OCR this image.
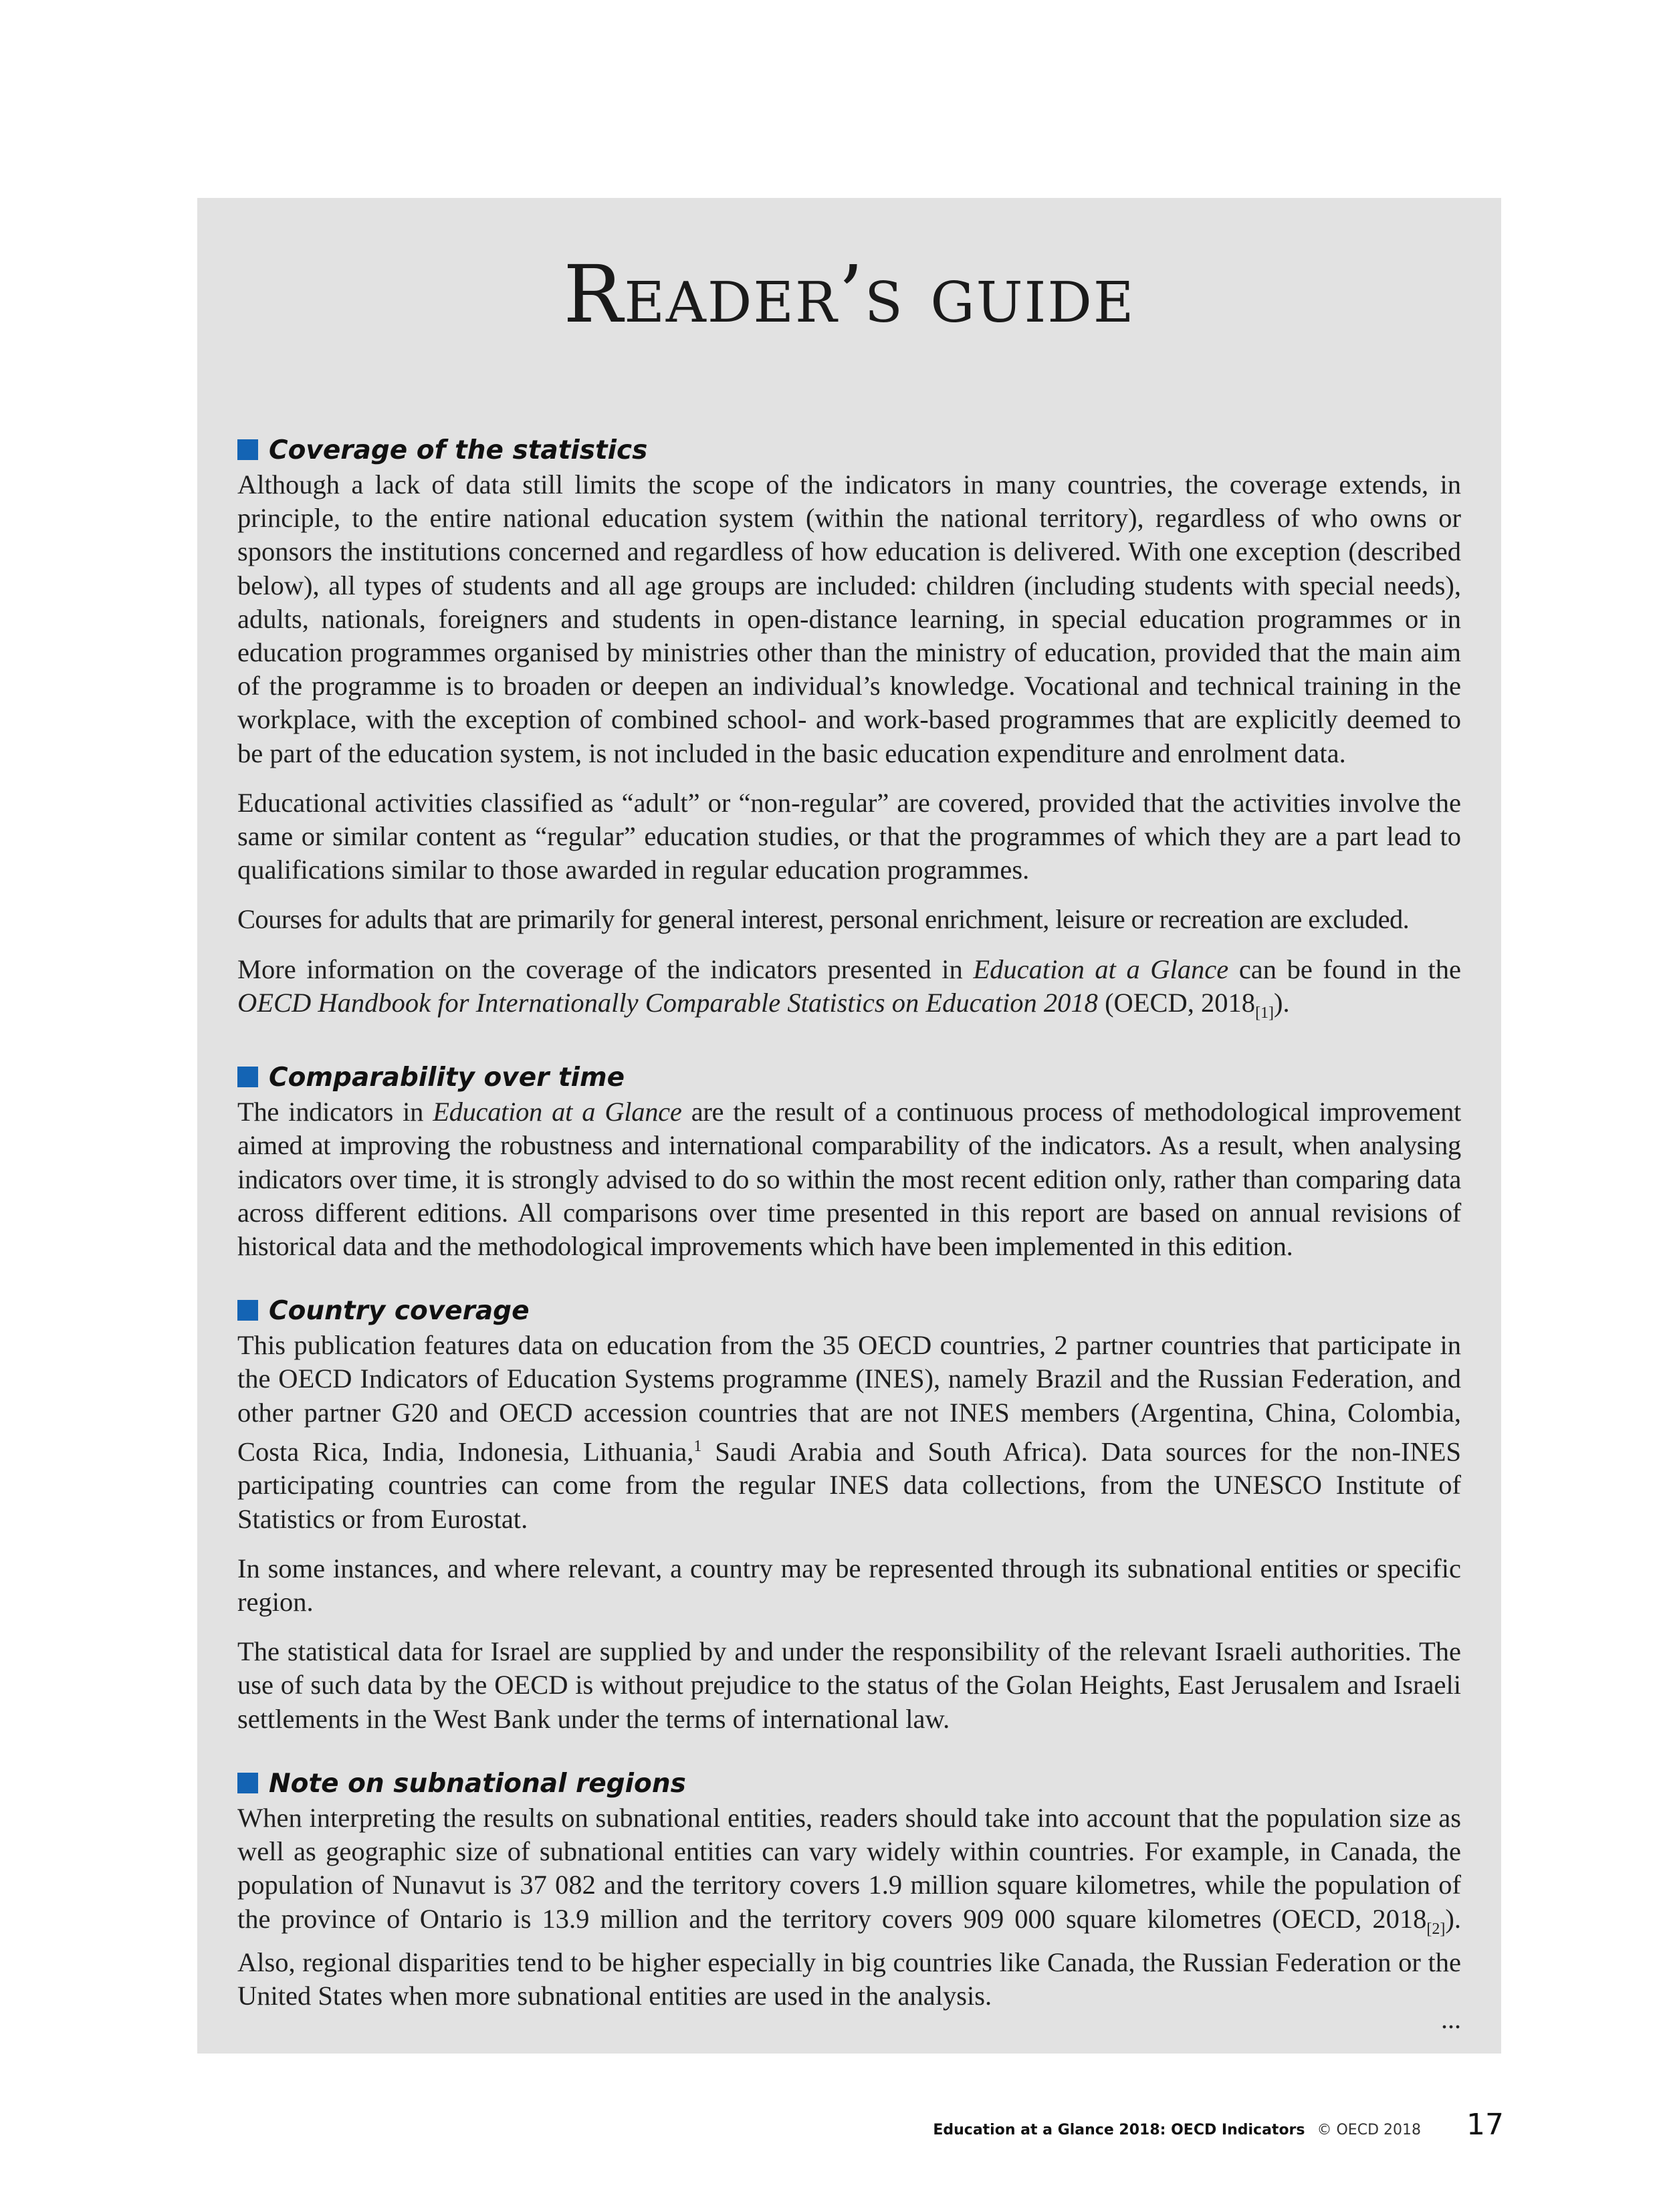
Reader’s guide
Coverage of the statistics

Although a lack of data still limits the scope of the indicators in many countries, the coverage extends, in principle, to the entire national education system (within the national territory), regardless of who owns or sponsors the institutions concerned and regardless of how education is delivered. With one exception (described below), all types of students and all age groups are included: children (including students with special needs), adults, nationals, foreigners and students in open-distance learning, in special education programmes or in education programmes organised by ministries other than the ministry of education, provided that the main aim of the programme is to broaden or deepen an individual’s knowledge. Vocational and technical training in the workplace, with the exception of combined school- and work-based programmes that are explicitly deemed to be part of the education system, is not included in the basic education expenditure and enrolment data.

Educational activities classified as “adult” or “non-regular” are covered, provided that the activities involve the same or similar content as “regular” education studies, or that the programmes of which they are a part lead to qualifications similar to those awarded in regular education programmes.

Courses for adults that are primarily for general interest, personal enrichment, leisure or recreation are excluded.

More information on the coverage of the indicators presented in Education at a Glance can be found in the OECD Handbook for Internationally Comparable Statistics on Education 2018 (OECD, $2018_{[1]}$).

Comparability over time

The indicators in Education at a Glance are the result of a continuous process of methodological improvement aimed at improving the robustness and international comparability of the indicators. As a result, when analysing indicators over time, it is strongly advised to do so within the most recent edition only, rather than comparing data across different editions. All comparisons over time presented in this report are based on annual revisions of historical data and the methodological improvements which have been implemented in this edition.

Country coverage

This publication features data on education from the 35 OECD countries, 2 partner countries that participate in the OECD Indicators of Education Systems programme (INES), namely Brazil and the Russian Federation, and other partner G20 and OECD accession countries that are not INES members (Argentina, China, Colombia, Costa Rica, India, Indonesia, Lithuania,$^1$ Saudi Arabia and South Africa). Data sources for the non-INES participating countries can come from the regular INES data collections, from the UNESCO Institute of Statistics or from Eurostat.

In some instances, and where relevant, a country may be represented through its subnational entities or specific region.

The statistical data for Israel are supplied by and under the responsibility of the relevant Israeli authorities. The use of such data by the OECD is without prejudice to the status of the Golan Heights, East Jerusalem and Israeli settlements in the West Bank under the terms of international law.

Note on subnational regions

When interpreting the results on subnational entities, readers should take into account that the population size as well as geographic size of subnational entities can vary widely within countries. For example, in Canada, the population of Nunavut is 37 082 and the territory covers 1.9 million square kilometres, while the population of the province of Ontario is 13.9 million and the territory covers 909 000 square kilometres (OECD, $2018_{[2]}$). Also, regional disparities tend to be higher especially in big countries like Canada, the Russian Federation or the United States when more subnational entities are used in the analysis.

...
Education at a Glance 2018: OECD Indicators © OECD 2018 17
